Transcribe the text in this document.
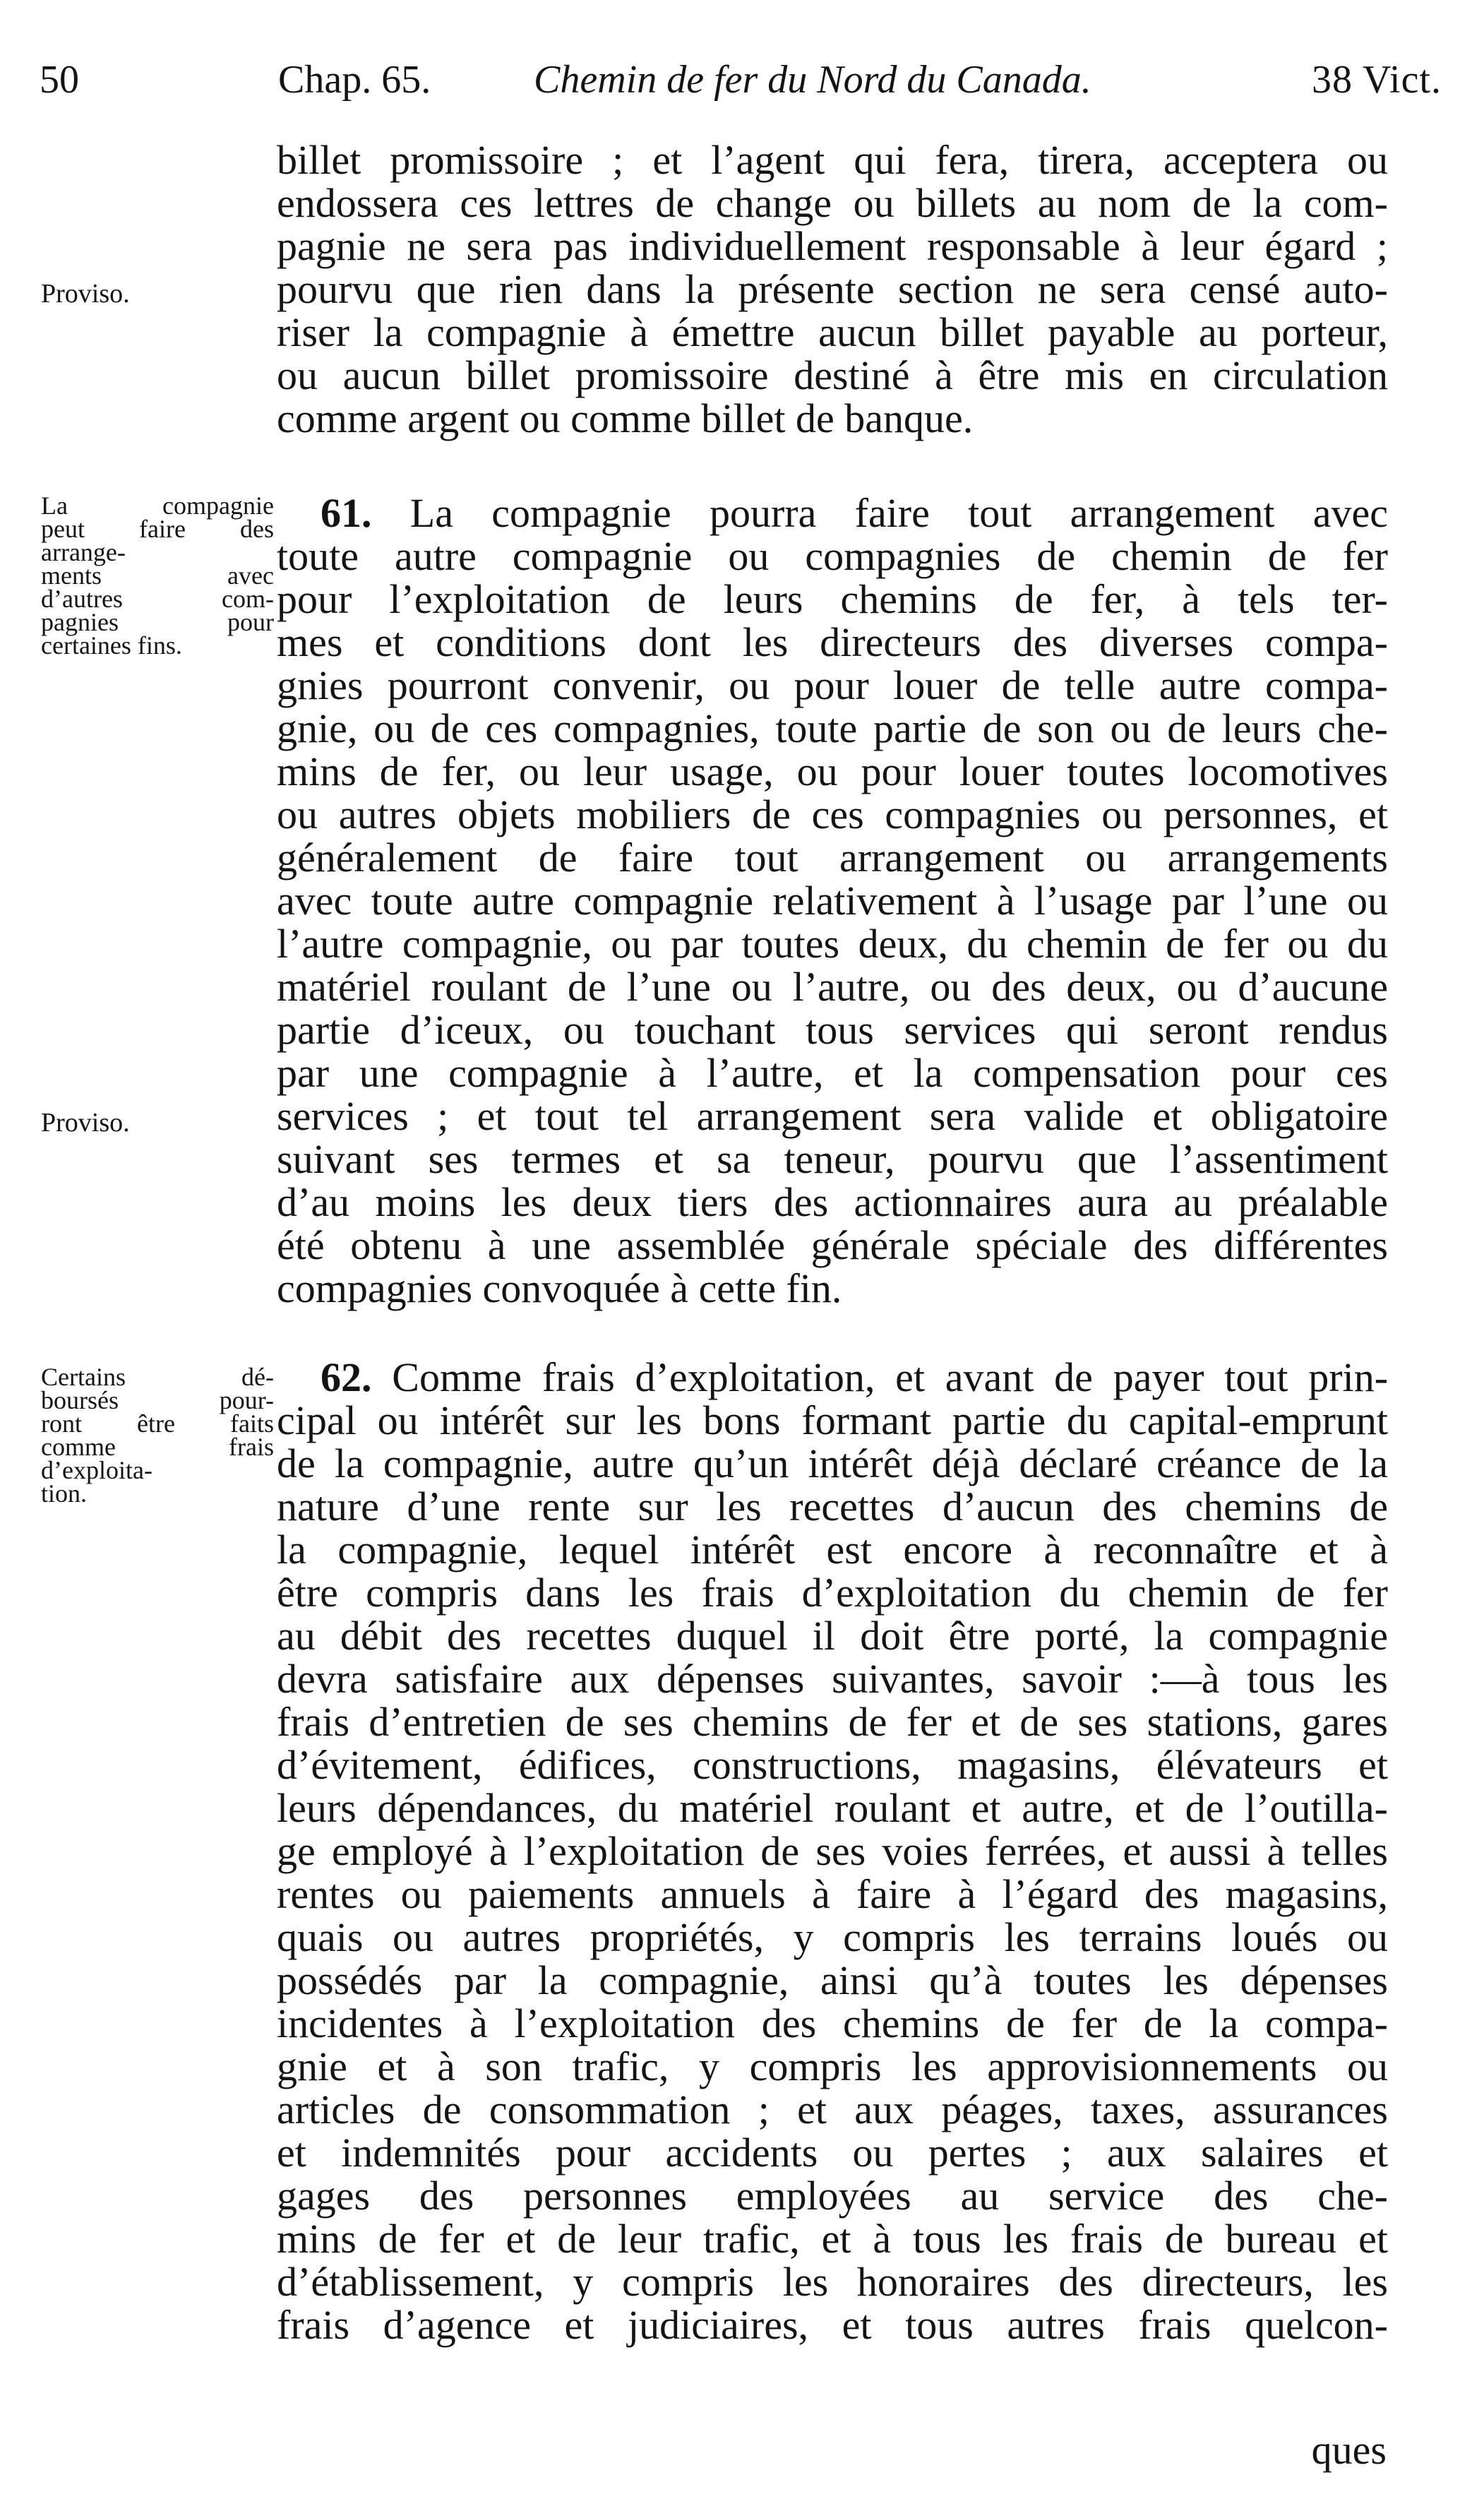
50	Chap. 65.	Chemin de fer du Nord du Canada.	38 Vict.
billet promissoire ; et l’agent qui fera, tirera, acceptera ou
endossera ces lettres de change ou billets au nom de la com-
pagnie ne sera pas individuellement responsable à leur égard ;
pourvu que rien dans la présente section ne sera censé auto-
riser la compagnie à émettre aucun billet payable au porteur,
ou aucun billet promissoire destiné à être mis en circulation
comme argent ou comme billet de banque.
Proviso.
La compagnie
peut faire des
arrange-
ments avec
d’autres com-
pagnies pour
certaines fins.
61. La compagnie pourra faire tout arrangement avec
toute autre compagnie ou compagnies de chemin de fer
pour l’exploitation de leurs chemins de fer, à tels ter-
mes et conditions dont les directeurs des diverses compa-
gnies pourront convenir, ou pour louer de telle autre compa-
gnie, ou de ces compagnies, toute partie de son ou de leurs che-
mins de fer, ou leur usage, ou pour louer toutes locomotives
ou autres objets mobiliers de ces compagnies ou personnes, et
généralement de faire tout arrangement ou arrangements
avec toute autre compagnie relativement à l’usage par l’une ou
l’autre compagnie, ou par toutes deux, du chemin de fer ou du
matériel roulant de l’une ou l’autre, ou des deux, ou d’aucune
partie d’iceux, ou touchant tous services qui seront rendus
par une compagnie à l’autre, et la compensation pour ces
services ; et tout tel arrangement sera valide et obligatoire
suivant ses termes et sa teneur, pourvu que l’assentiment
d’au moins les deux tiers des actionnaires aura au préalable
été obtenu à une assemblée générale spéciale des différentes
compagnies convoquée à cette fin.
Proviso.
Certains dé-
boursés pour-
ront être faits
comme frais
d’exploita-
tion.
62. Comme frais d’exploitation, et avant de payer tout prin-
cipal ou intérêt sur les bons formant partie du capital-emprunt
de la compagnie, autre qu’un intérêt déjà déclaré créance de la
nature d’une rente sur les recettes d’aucun des chemins de
la compagnie, lequel intérêt est encore à reconnaître et à
être compris dans les frais d’exploitation du chemin de fer
au débit des recettes duquel il doit être porté, la compagnie
devra satisfaire aux dépenses suivantes, savoir :—à tous les
frais d’entretien de ses chemins de fer et de ses stations, gares
d’évitement, édifices, constructions, magasins, élévateurs et
leurs dépendances, du matériel roulant et autre, et de l’outilla-
ge employé à l’exploitation de ses voies ferrées, et aussi à telles
rentes ou paiements annuels à faire à l’égard des magasins,
quais ou autres propriétés, y compris les terrains loués ou
possédés par la compagnie, ainsi qu’à toutes les dépenses
incidentes à l’exploitation des chemins de fer de la compa-
gnie et à son trafic, y compris les approvisionnements ou
articles de consommation ; et aux péages, taxes, assurances
et indemnités pour accidents ou pertes ; aux salaires et
gages des personnes employées au service des che-
mins de fer et de leur trafic, et à tous les frais de bureau et
d’établissement, y compris les honoraires des directeurs, les
frais d’agence et judiciaires, et tous autres frais quelcon-
ques
